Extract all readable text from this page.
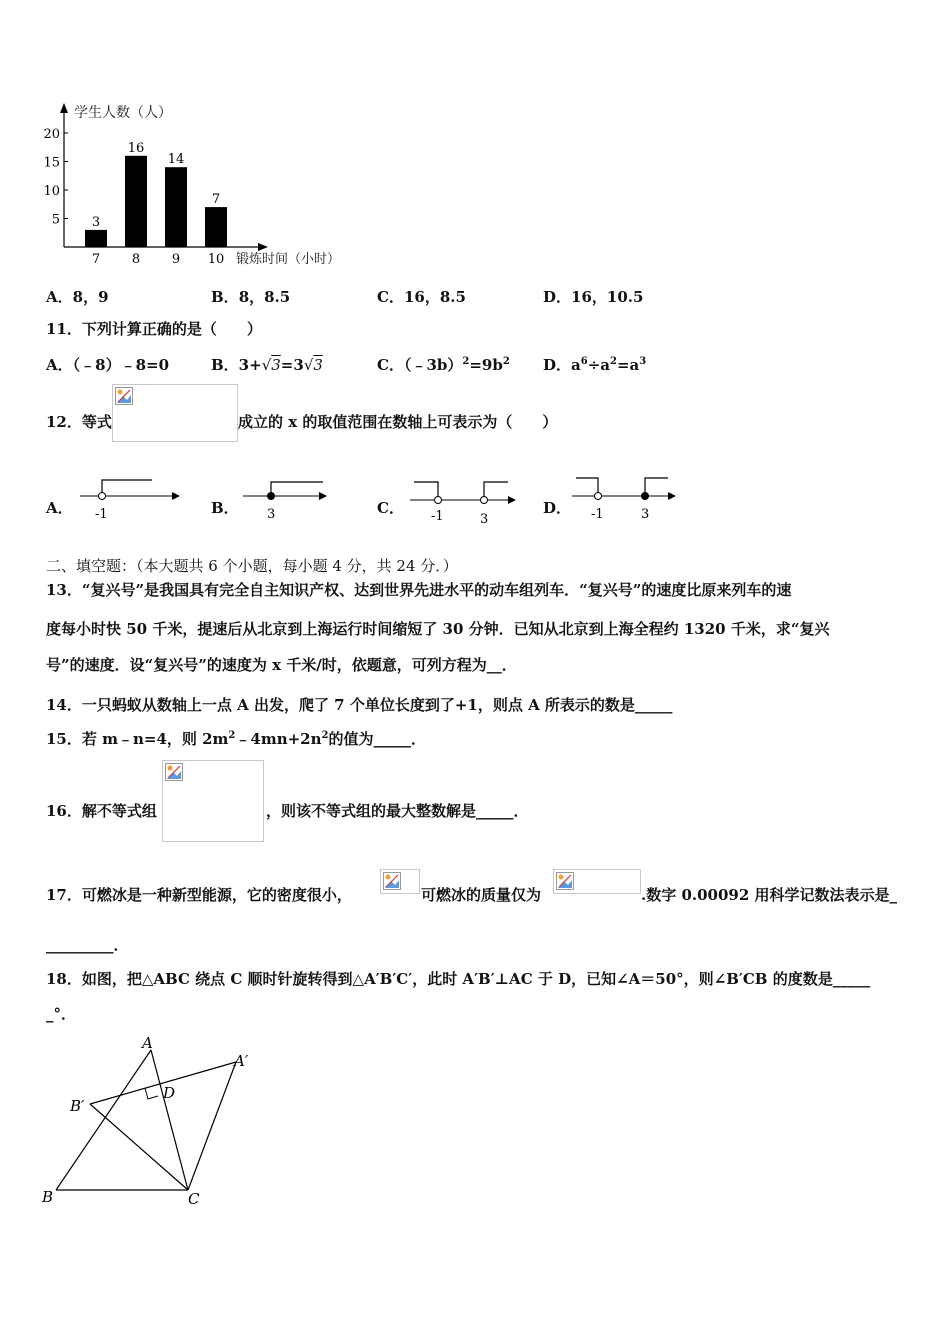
5
10
15
20
3
7
16
8
14
9
7
10
学生人数（人）
锻炼时间（小时）
A．8，9	B．8，8.5	C．16，8.5	D．16，10.5
11．下列计算正确的是（　　）
A．（﹣8）﹣8=0	B．3+√3=3√3	C．$(﹣3b)^2=9b^2$ D．$a^6\div a^2=a^3$
12．等式	成立的 x 的取值范围在数轴上可表示为（　　）
A． -1	B． 3	C． -1	3
D． -1	3
二、填空题：（本大题共 6 个小题，每小题 4 分，共 24 分．）
13．“复兴号”是我国具有完全自主知识产权、达到世界先进水平的动车组列车．“复兴号”的速度比原来列车的速
度每小时快 50 千米，提速后从北京到上海运行时间缩短了 30 分钟．已知从北京到上海全程约 1320 千米，求“复兴
号”的速度．设“复兴号”的速度为 x 千米/时，依题意，可列方程为__．
14．一只蚂蚁从数轴上一点 A 出发，爬了 7 个单位长度到了+1，则点 A 所表示的数是_____
15．若 m﹣n=4，则 $2m^2﹣4mn+2n^2$的值为_____．
16．解不等式组	，则该不等式组的最大整数解是_____．
17．可燃冰是一种新型能源，它的密度很小，	可燃冰的质量仅为	.数字 0.00092 用科学记数法表示是_
_________．
18．如图，把△ABC 绕点 C 顺时针旋转得到△A′B′C′，此时 A′B′⊥AC 于 D，已知∠A＝50°，则∠B′CB 的度数是_____
_°．
A
A′
B
B′
C
D
